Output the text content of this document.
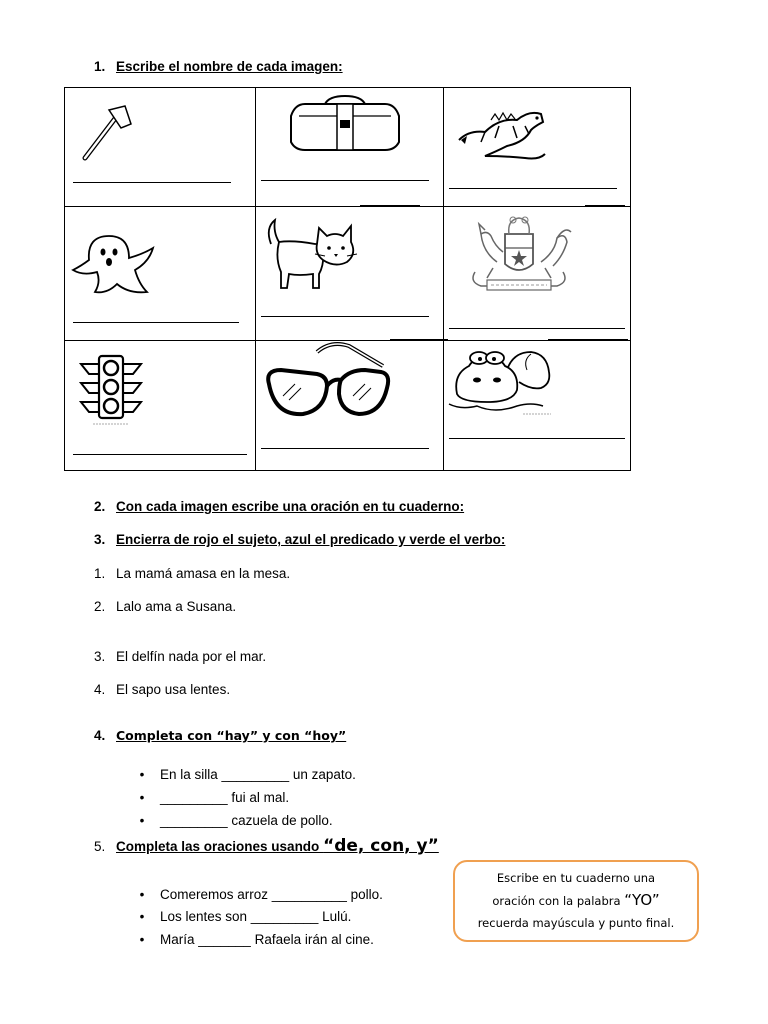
1. Escribe el nombre de cada imagen:
2. Con cada imagen escribe una oración en tu cuaderno:
3. Encierra de rojo el sujeto, azul el predicado y verde el verbo:
1. La mamá amasa en la mesa.
2. Lalo ama a Susana.
3. El delfín nada por el mar.
4. El sapo usa lentes.
4. Completa con “hay” y con “hoy”
• En la silla _________ un zapato.
• _________ fui al mal.
• _________ cazuela de pollo.
5. Completa las oraciones usando “de, con, y”
• Comeremos arroz __________ pollo.
• Los lentes son _________ Lulú.
• María _______ Rafaela irán al cine.
Escribe en tu cuaderno una
oración con la palabra “YO”
recuerda mayúscula y punto final.
